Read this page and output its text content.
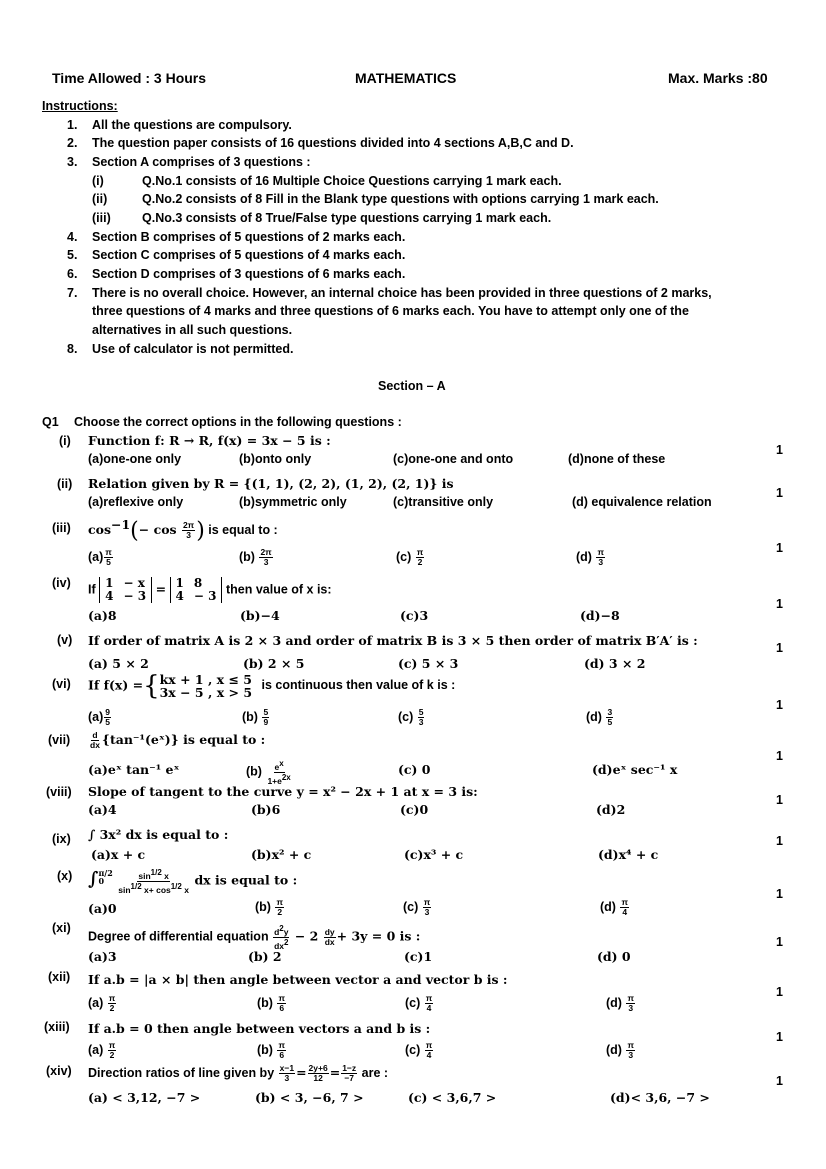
Time Allowed : 3 Hours	MATHEMATICS	Max. Marks :80
Instructions:
1. All the questions are compulsory.
2. The question paper consists of 16 questions divided into 4 sections A,B,C and D.
3. Section A comprises of 3 questions :
(i)	Q.No.1 consists of 16 Multiple Choice Questions carrying 1 mark each.
(ii)	Q.No.2 consists of 8 Fill in the Blank type questions with options carrying 1 mark each.
(iii)	Q.No.3 consists of 8 True/False type questions carrying 1 mark each.
4. Section B comprises of 5 questions of 2 marks each.
5. Section C comprises of 5 questions of 4 marks each.
6. Section D comprises of 3 questions of 6 marks each.
7. There is no overall choice. However, an internal choice has been provided in three questions of 2 marks,
three questions of 4 marks and three questions of 6 marks each. You have to attempt only one of the
alternatives in all such questions.
8. Use of calculator is not permitted.
Section – A
Q1 Choose the correct options in the following questions :
(i) Function f: R → R, f(x) = 3x − 5 is :
(a)one-one only	(b)onto only	(c)one-one and onto	(d)none of these
1
(ii) Relation given by R = {(1, 1), (2, 2), (1, 2), (2, 1)} is
(a)reflexive only	(b)symmetric only	(c)transitive only	(d) equivalence relation
1
(iii) $\cos^{-1}(- \cos \frac{2\pi}{3}$ ) is equal to :
$(a) \frac{\pi}{5}$	$(b) \frac{2\pi}{3}$	$(c) \frac{\pi}{2}$	$(d) \frac{\pi}{3}$	1
(iv) If 1	− x
4	− 3 = 1	8
4	− 3 then value of x is:
(a)8	(b)−4	(c)3	(d)−8
1
(v) If order of matrix A is 2 × 3 and order of matrix B is 3 × 5 then order of matrix B′A′ is :
(a) 5 × 2	(b) 2 × 5	(c) 5 × 3	(d) 3 × 2
1
(vi) If f(x) ={kx + 1 , x ≤ 5
3x − 5 , x > 5 is continuous then value of k is :
$(a) \frac{9}{5}$	$(b) \frac{5}{9}$	$(c) \frac{5}{3}$	$(d) \frac{3}{5}$
1
$(vii) \frac{d}{dx}$ {tan⁻¹(eˣ)} is equal to :
(a)eˣ tan⁻¹ eˣ	$(b) \frac{e^x}{1+e^{2x}}$	(c) 0	(d)eˣ sec⁻¹ x
1
(viii) Slope of tangent to the curve y = x² − 2x + 1 at x = 3 is:
(a)4	(b)6	(c)0	(d)2
1
(ix) ∫ 3x² dx is equal to :
(a)x + c	(b)x² + c	(c)x³ + c	(d)x⁴ + c
1
(x) ∫π/2
$0 \frac{\sin^{1/2} x}{\sin^{1/2} x+ \cos^{1/2} x}$ dx is equal to :
(a)0	$(b) \frac{\pi}{2}$	$(c) \frac{\pi}{3}$	$(d) \frac{\pi}{4}$
1
(xi)
Degree of differential equation $\frac{d^2y}{dx^2} - 2 \frac{dy}{dx} + 3y = 0$ is :
(a)3	(b) 2	(c)1	(d) 0
1
(xii) If a.b = |a × b| then angle between vector a and vector b is :
$(a) \frac{\pi}{2}$	$(b) \frac{\pi}{6}$	$(c) \frac{\pi}{4}$	$(d) \frac{\pi}{3}$
1
(xiii) If a.b = 0 then angle between vectors a and b is :
$(a) \frac{\pi}{2}$	$(b) \frac{\pi}{6}$	$(c) \frac{\pi}{4}$	$(d) \frac{\pi}{3}$
1
(xiv) Direction ratios of line given by $\frac{x-1}{3} = \frac{2y+6}{12} = \frac{1-z}{-7}$ are :
(a) < 3,12, −7 >	(b) < 3, −6, 7 >	(c) < 3,6,7 >	(d)< 3,6, −7 >
1
